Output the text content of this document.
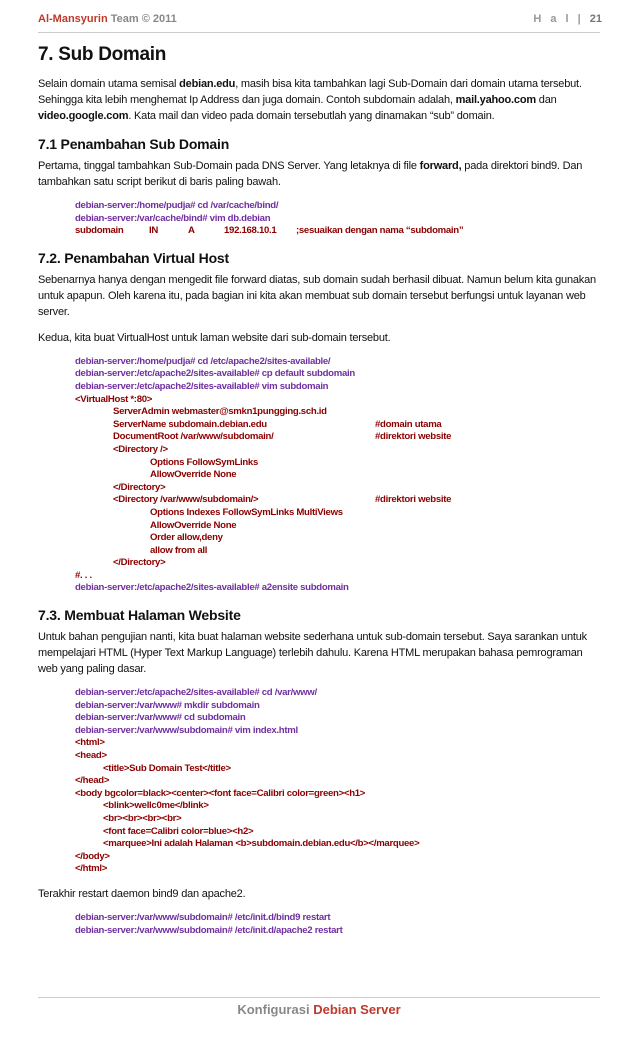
Al-Mansyurin Team © 2011	H a l | 21
7. Sub Domain

Selain domain utama semisal debian.edu, masih bisa kita tambahkan lagi Sub-Domain dari domain utama tersebut. Sehingga kita lebih menghemat Ip Address dan juga domain. Contoh subdomain adalah, mail.yahoo.com dan video.google.com. Kata mail dan video pada domain tersebutlah yang dinamakan “sub” domain.

7.1 Penambahan Sub Domain

Pertama, tinggal tambahkan Sub-Domain pada DNS Server. Yang letaknya di file forward, pada direktori bind9. Dan tambahkan satu script berikut di baris paling bawah.

debian-server:/home/pudja# cd /var/cache/bind/
debian-server:/var/cache/bind# vim db.debian
subdomain	IN	A	192.168.10.1 ;sesuaikan dengan nama “subdomain”
7.2. Penambahan Virtual Host

Sebenarnya hanya dengan mengedit file forward diatas, sub domain sudah berhasil dibuat. Namun belum kita gunakan untuk apapun. Oleh karena itu, pada bagian ini kita akan membuat sub domain tersebut berfungsi untuk layanan web server.

Kedua, kita buat VirtualHost untuk laman website dari sub-domain tersebut.

debian-server:/home/pudja# cd /etc/apache2/sites-available/
debian-server:/etc/apache2/sites-available# cp default subdomain
debian-server:/etc/apache2/sites-available# vim subdomain
<VirtualHost *:80>
ServerAdmin webmaster@smkn1pungging.sch.id
ServerName subdomain.debian.edu	#domain utama
DocumentRoot /var/www/subdomain/	#direktori website
<Directory />
Options FollowSymLinks
AllowOverride None
</Directory>
<Directory /var/www/subdomain/>	#direktori website
Options Indexes FollowSymLinks MultiViews
AllowOverride None
Order allow,deny
allow from all
</Directory>
#. . .
debian-server:/etc/apache2/sites-available# a2ensite subdomain
7.3. Membuat Halaman Website

Untuk bahan pengujian nanti, kita buat halaman website sederhana untuk sub-domain tersebut. Saya sarankan untuk mempelajari HTML (Hyper Text Markup Language) terlebih dahulu. Karena HTML merupakan bahasa pemrograman web yang paling dasar.

debian-server:/etc/apache2/sites-available# cd /var/www/
debian-server:/var/www# mkdir subdomain
debian-server:/var/www# cd subdomain
debian-server:/var/www/subdomain# vim index.html
<html>
<head>
<title>Sub Domain Test</title>
</head>
<body bgcolor=black><center><font face=Calibri color=green><h1>
<blink>wellc0me</blink>
<br><br><br><br>
<font face=Calibri color=blue><h2>
<marquee>Ini adalah Halaman <b>subdomain.debian.edu</b></marquee>
</body>
</html>

Terakhir restart daemon bind9 dan apache2.

debian-server:/var/www/subdomain# /etc/init.d/bind9 restart
debian-server:/var/www/subdomain# /etc/init.d/apache2 restart
Konfigurasi Debian Server
